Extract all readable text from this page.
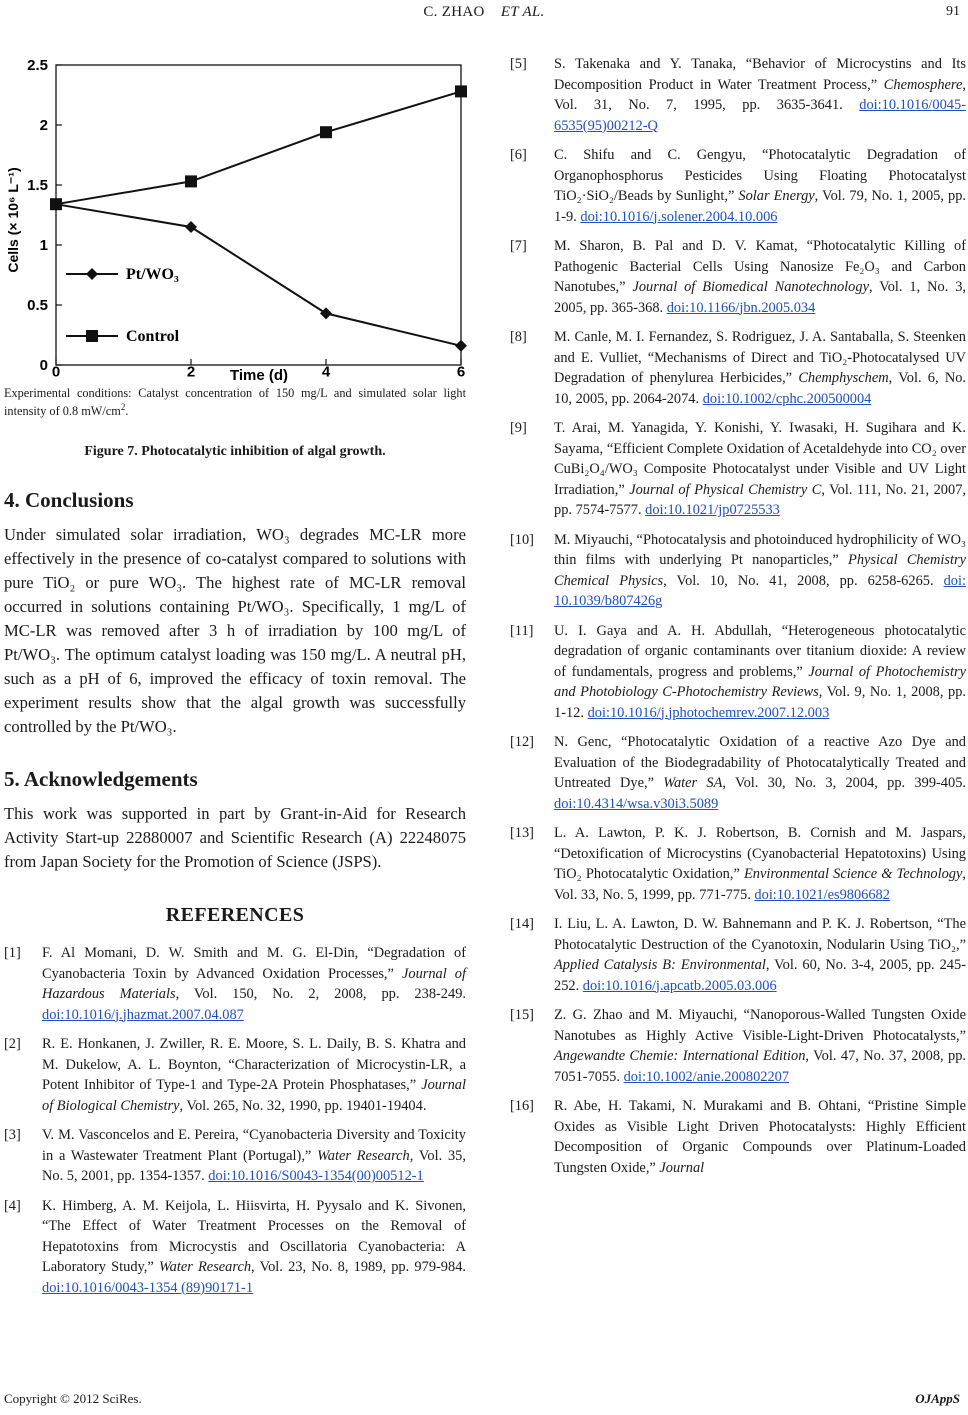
C. ZHAO ET AL.	91
0
0.5
1
1.5
2
2.5
0	2	4	6
Pt/WO₃
Control
Cells (× 10⁶ L⁻¹)
Time (d)
Experimental conditions: Catalyst concentration of 150 mg/L and simulated solar light intensity of 0.8 $mW/cm^2$.
Figure 7. Photocatalytic inhibition of algal growth.
4. Conclusions

Under simulated solar irradiation, WO₃ degrades MC-LR more effectively in the presence of co-catalyst compared to solutions with pure TiO₂ or pure WO₃. The highest rate of MC-LR removal occurred in solutions containing Pt/WO₃. Specifically, 1 mg/L of MC-LR was removed after 3 h of irradiation by 100 mg/L of Pt/WO₃. The optimum catalyst loading was 150 mg/L. A neutral pH, such as a pH of 6, improved the efficacy of toxin removal. The experiment results show that the algal growth was successfully controlled by the Pt/WO₃.

5. Acknowledgements

This work was supported in part by Grant-in-Aid for Research Activity Start-up 22880007 and Scientific Research (A) 22248075 from Japan Society for the Promotion of Science (JSPS).

REFERENCES
[1]	F. Al Momani, D. W. Smith and M. G. El-Din, “Degradation of Cyanobacteria Toxin by Advanced Oxidation Processes,” Journal of Hazardous Materials, Vol. 150, No. 2, 2008, pp. 238-249. doi:10.1016/j.jhazmat.2007.04.087
[2]	R. E. Honkanen, J. Zwiller, R. E. Moore, S. L. Daily, B. S. Khatra and M. Dukelow, A. L. Boynton, “Characterization of Microcystin-LR, a Potent Inhibitor of Type-1 and Type-2A Protein Phosphatases,” Journal of Biological Chemistry, Vol. 265, No. 32, 1990, pp. 19401-19404.
[3]	V. M. Vasconcelos and E. Pereira, “Cyanobacteria Diversity and Toxicity in a Wastewater Treatment Plant (Portugal),” Water Research, Vol. 35, No. 5, 2001, pp. 1354-1357. doi:10.1016/S0043-1354(00)00512-1
[4]	K. Himberg, A. M. Keijola, L. Hiisvirta, H. Pyysalo and K. Sivonen, “The Effect of Water Treatment Processes on the Removal of Hepatotoxins from Microcystis and Oscillatoria Cyanobacteria: A Laboratory Study,” Water Research, Vol. 23, No. 8, 1989, pp. 979-984. doi:10.1016/0043-1354 (89)90171-1
[5]	S. Takenaka and Y. Tanaka, “Behavior of Microcystins and Its Decomposition Product in Water Treatment Process,” Chemosphere, Vol. 31, No. 7, 1995, pp. 3635-3641. doi:10.1016/0045-6535(95)00212-Q
[6]	C. Shifu and C. Gengyu, “Photocatalytic Degradation of Organophosphorus Pesticides Using Floating Photocatalyst TiO₂·SiO₂/Beads by Sunlight,” Solar Energy, Vol. 79, No. 1, 2005, pp. 1-9. doi:10.1016/j.solener.2004.10.006
[7]	M. Sharon, B. Pal and D. V. Kamat, “Photocatalytic Killing of Pathogenic Bacterial Cells Using Nanosize Fe₂O₃ and Carbon Nanotubes,” Journal of Biomedical Nanotechnology, Vol. 1, No. 3, 2005, pp. 365-368. doi:10.1166/jbn.2005.034
[8]	M. Canle, M. I. Fernandez, S. Rodriguez, J. A. Santaballa, S. Steenken and E. Vulliet, “Mechanisms of Direct and TiO₂-Photocatalysed UV Degradation of phenylurea Herbicides,” Chemphyschem, Vol. 6, No. 10, 2005, pp. 2064-2074. doi:10.1002/cphc.200500004
[9]	T. Arai, M. Yanagida, Y. Konishi, Y. Iwasaki, H. Sugihara and K. Sayama, “Efficient Complete Oxidation of Acetaldehyde into CO₂ over CuBi₂O₄/WO₃ Composite Photocatalyst under Visible and UV Light Irradiation,” Journal of Physical Chemistry C, Vol. 111, No. 21, 2007, pp. 7574-7577. doi:10.1021/jp0725533
[10]	M. Miyauchi, “Photocatalysis and photoinduced hydrophilicity of WO₃ thin films with underlying Pt nanoparticles,” Physical Chemistry Chemical Physics, Vol. 10, No. 41, 2008, pp. 6258-6265. doi: 10.1039/b807426g
[11]	U. I. Gaya and A. H. Abdullah, “Heterogeneous photocatalytic degradation of organic contaminants over titanium dioxide: A review of fundamentals, progress and problems,” Journal of Photochemistry and Photobiology C-Photochemistry Reviews, Vol. 9, No. 1, 2008, pp. 1-12. doi:10.1016/j.jphotochemrev.2007.12.003
[12]	N. Genc, “Photocatalytic Oxidation of a reactive Azo Dye and Evaluation of the Biodegradability of Photocatalytically Treated and Untreated Dye,” Water SA, Vol. 30, No. 3, 2004, pp. 399-405. doi:10.4314/wsa.v30i3.5089
[13]	L. A. Lawton, P. K. J. Robertson, B. Cornish and M. Jaspars, “Detoxification of Microcystins (Cyanobacterial Hepatotoxins) Using TiO₂ Photocatalytic Oxidation,” Environmental Science & Technology, Vol. 33, No. 5, 1999, pp. 771-775. doi:10.1021/es9806682
[14]	I. Liu, L. A. Lawton, D. W. Bahnemann and P. K. J. Robertson, “The Photocatalytic Destruction of the Cyanotoxin, Nodularin Using TiO₂,” Applied Catalysis B: Environmental, Vol. 60, No. 3-4, 2005, pp. 245-252. doi:10.1016/j.apcatb.2005.03.006
[15]	Z. G. Zhao and M. Miyauchi, “Nanoporous-Walled Tungsten Oxide Nanotubes as Highly Active Visible-Light-Driven Photocatalysts,” Angewandte Chemie: International Edition, Vol. 47, No. 37, 2008, pp. 7051-7055. doi:10.1002/anie.200802207
[16]	R. Abe, H. Takami, N. Murakami and B. Ohtani, “Pristine Simple Oxides as Visible Light Driven Photocatalysts: Highly Efficient Decomposition of Organic Compounds over Platinum-Loaded Tungsten Oxide,” Journal
Copyright © 2012 SciRes.	OJAppS
